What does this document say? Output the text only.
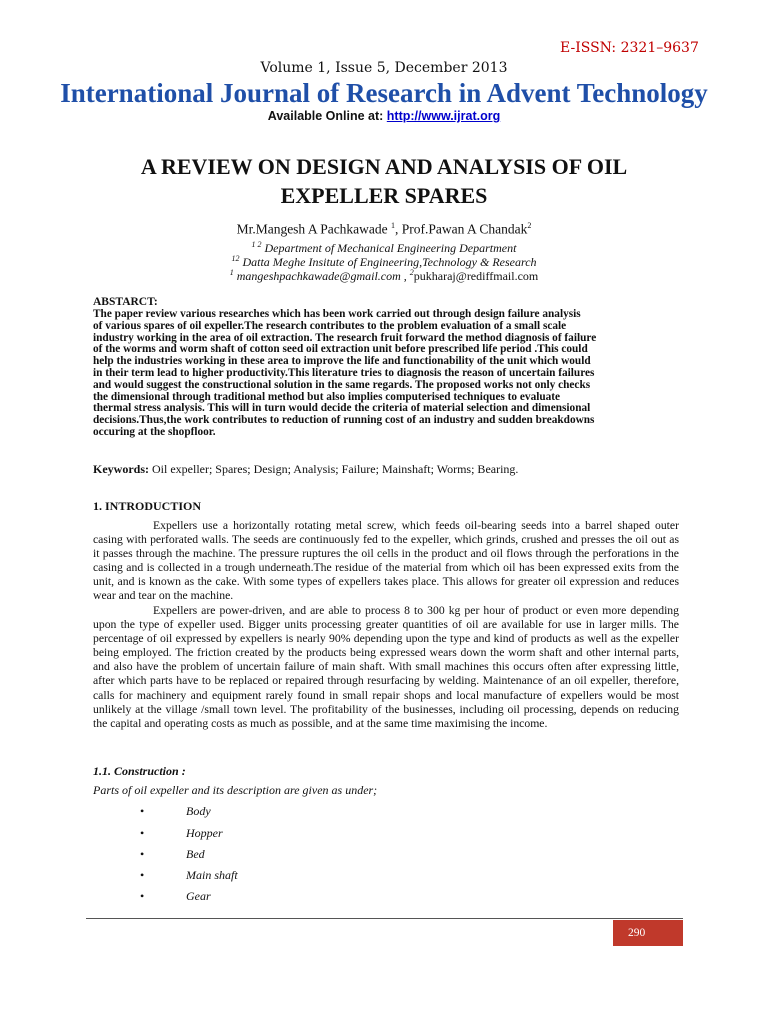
E-ISSN: 2321–9637
Volume 1, Issue 5, December 2013
International Journal of Research in Advent Technology
Available Online at: http://www.ijrat.org
A REVIEW ON DESIGN AND ANALYSIS OF OIL
EXPELLER SPARES
Mr.Mangesh A Pachkawade $^1$, Prof.Pawan A Chandak$^2$
$^{1 2}$ Department of Mechanical Engineering Department
$^{12}$ Datta Meghe Insitute of Engineering,Technology & Research
$^1$ mangeshpachkawade@gmail.com , $^2$pukharaj@rediffmail.com
ABSTARCT:
The paper review various researches which has been work carried out through design failure analysis
of various spares of oil expeller.The research contributes to the problem evaluation of a small scale
industry working in the area of oil extraction. The research fruit forward the method diagnosis of failure
of the worms and worm shaft of cotton seed oil extraction unit before prescribed life period .This could
help the industries working in these area to improve the life and functionability of the unit which would
in their term lead to higher productivity.This literature tries to diagnosis the reason of uncertain failures
and would suggest the constructional solution in the same regards. The proposed works not only checks
the dimensional through traditional method but also implies computerised techniques to evaluate
thermal stress analysis. This will in turn would decide the criteria of material selection and dimensional
decisions.Thus,the work contributes to reduction of running cost of an industry and sudden breakdowns
occuring at the shopfloor.
Keywords: Oil expeller; Spares; Design; Analysis; Failure; Mainshaft; Worms; Bearing.
1. INTRODUCTION
Expellers use a horizontally rotating metal screw, which feeds oil-bearing seeds into a barrel shaped outer casing with perforated walls. The seeds are continuously fed to the expeller, which grinds, crushed and presses the oil out as it passes through the machine. The pressure ruptures the oil cells in the product and oil flows through the perforations in the casing and is collected in a trough underneath.The residue of the material from which oil has been expressed exits from the unit, and is known as the cake. With some types of expellers takes place. This allows for greater oil expression and reduces wear and tear on the machine.
Expellers are power-driven, and are able to process 8 to 300 kg per hour of product or even more depending upon the type of expeller used. Bigger units processing greater quantities of oil are available for use in larger mills. The percentage of oil expressed by expellers is nearly 90% depending upon the type and kind of products as well as the expeller being employed. The friction created by the products being expressed wears down the worm shaft and other internal parts, and also have the problem of uncertain failure of main shaft. With small machines this occurs often after expressing little, after which parts have to be replaced or repaired through resurfacing by welding. Maintenance of an oil expeller, therefore, calls for machinery and equipment rarely found in small repair shops and local manufacture of expellers would be most unlikely at the village /small town level. The profitability of the businesses, including oil processing, depends on reducing the capital and operating costs as much as possible, and at the same time maximising the income.
1.1. Construction :
Parts of oil expeller and its description are given as under;
•	Body
•	Hopper
•	Bed
•	Main shaft
•	Gear
290
